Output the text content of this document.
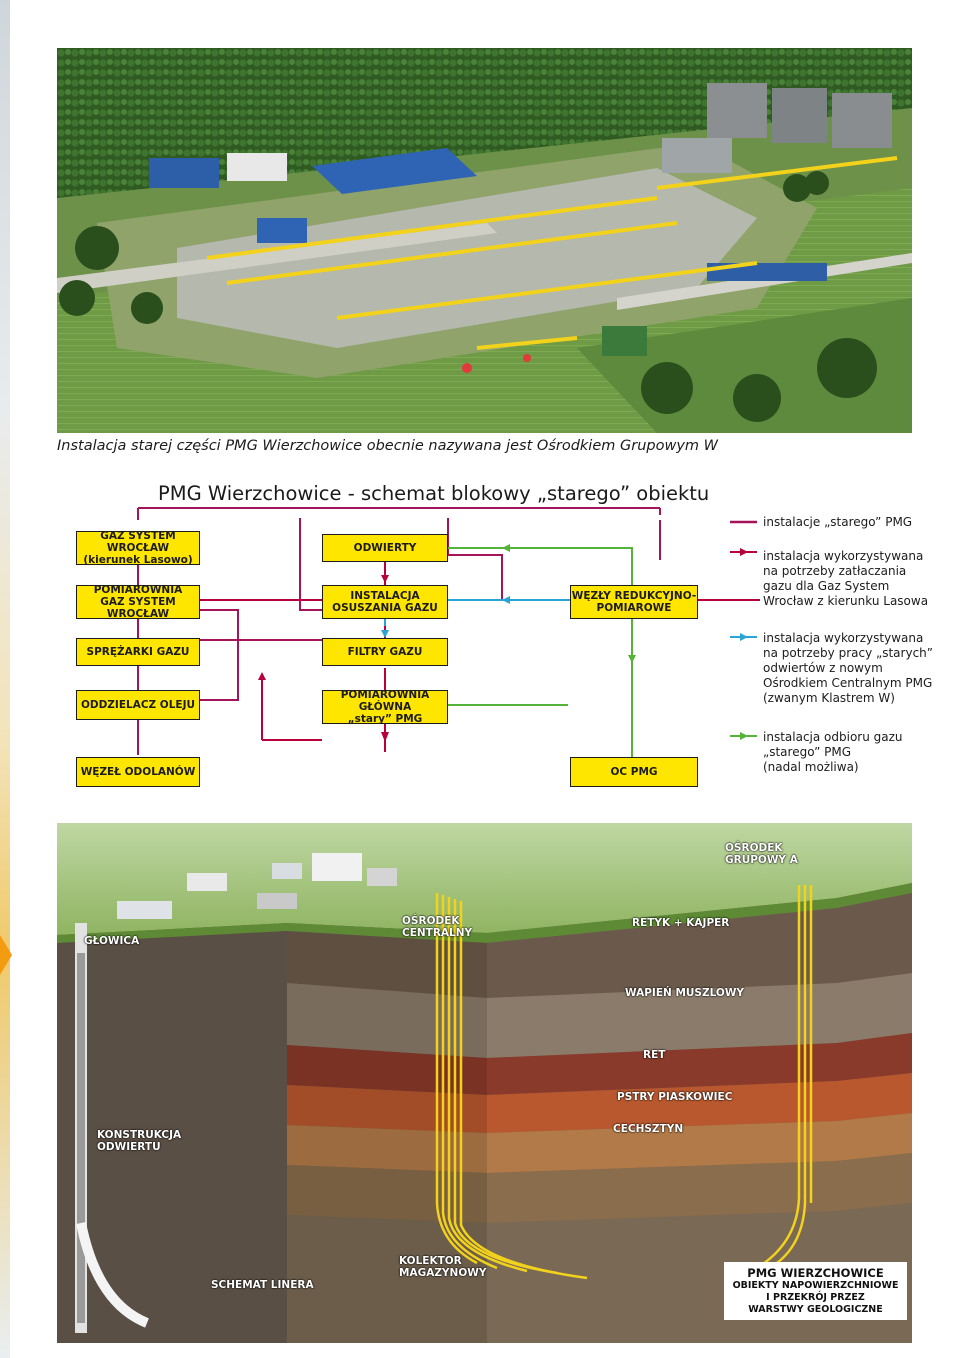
Instalacja starej części PMG Wierzchowice obecnie nazywana jest Ośrodkiem Grupowym W
PMG Wierzchowice - schemat blokowy „starego” obiektu
GAZ SYSTEM WROCŁAW
(kierunek Lasowo)
POMIAROWNIA
GAZ SYSTEM WROCŁAW
SPRĘŻARKI GAZU
ODDZIELACZ OLEJU
WĘZEŁ ODOLANÓW
ODWIERTY
INSTALACJA
OSUSZANIA GAZU
FILTRY GAZU
POMIAROWNIA GŁÓWNA
„stary” PMG
WĘZŁY REDUKCYJNO-
POMIAROWE
OC PMG
instalacje „starego” PMG
instalacja wykorzystywana
na potrzeby zatłaczania
gazu dla Gaz System
Wrocław z kierunku Lasowa
instalacja wykorzystywana
na potrzeby pracy „starych”
odwiertów z nowym
Ośrodkiem Centralnym PMG
(zwanym Klastrem W)
instalacja odbioru gazu
„starego” PMG
(nadal możliwa)
GŁOWICA
OŚRODEK
CENTRALNY
OŚRODEK
GRUPOWY A
RETYK + KAJPER
WAPIEŃ MUSZLOWY
RET
PSTRY PIASKOWIEC
CECHSZTYN
KONSTRUKCJA
ODWIERTU
SCHEMAT LINERA
KOLEKTOR
MAGAZYNOWY	PMG WIERZCHOWICE
OBIEKTY NAPOWIERZCHNIOWE
I PRZEKRÓJ PRZEZ
WARSTWY GEOLOGICZNE
